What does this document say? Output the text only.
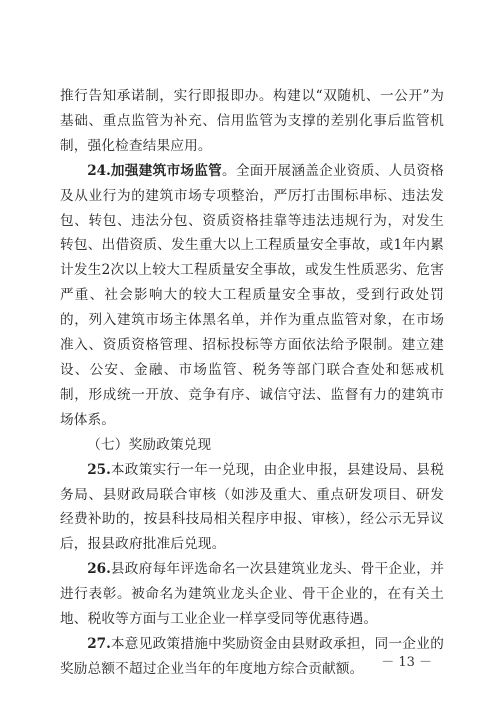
推行告知承诺制，实行即报即办。构建以“双随机、一公开”为基础、重点监管为补充、信用监管为支撑的差别化事后监管机制，强化检查结果应用。

24.加强建筑市场监管。全面开展涵盖企业资质、人员资格及从业行为的建筑市场专项整治，严厉打击围标串标、违法发包、转包、违法分包、资质资格挂靠等违法违规行为，对发生转包、出借资质、发生重大以上工程质量安全事故，或1年内累计发生2次以上较大工程质量安全事故，或发生性质恶劣、危害严重、社会影响大的较大工程质量安全事故，受到行政处罚的，列入建筑市场主体黑名单，并作为重点监管对象，在市场准入、资质资格管理、招标投标等方面依法给予限制。建立建设、公安、金融、市场监管、税务等部门联合查处和惩戒机制，形成统一开放、竞争有序、诚信守法、监督有力的建筑市场体系。

（七）奖励政策兑现

25.本政策实行一年一兑现，由企业申报，县建设局、县税务局、县财政局联合审核（如涉及重大、重点研发项目、研发经费补助的，按县科技局相关程序申报、审核），经公示无异议后，报县政府批准后兑现。

26.县政府每年评选命名一次县建筑业龙头、骨干企业，并进行表彰。被命名为建筑业龙头企业、骨干企业的，在有关土地、税收等方面与工业企业一样享受同等优惠待遇。

27.本意见政策措施中奖励资金由县财政承担，同一企业的奖励总额不超过企业当年的年度地方综合贡献额。	－ 13 －
